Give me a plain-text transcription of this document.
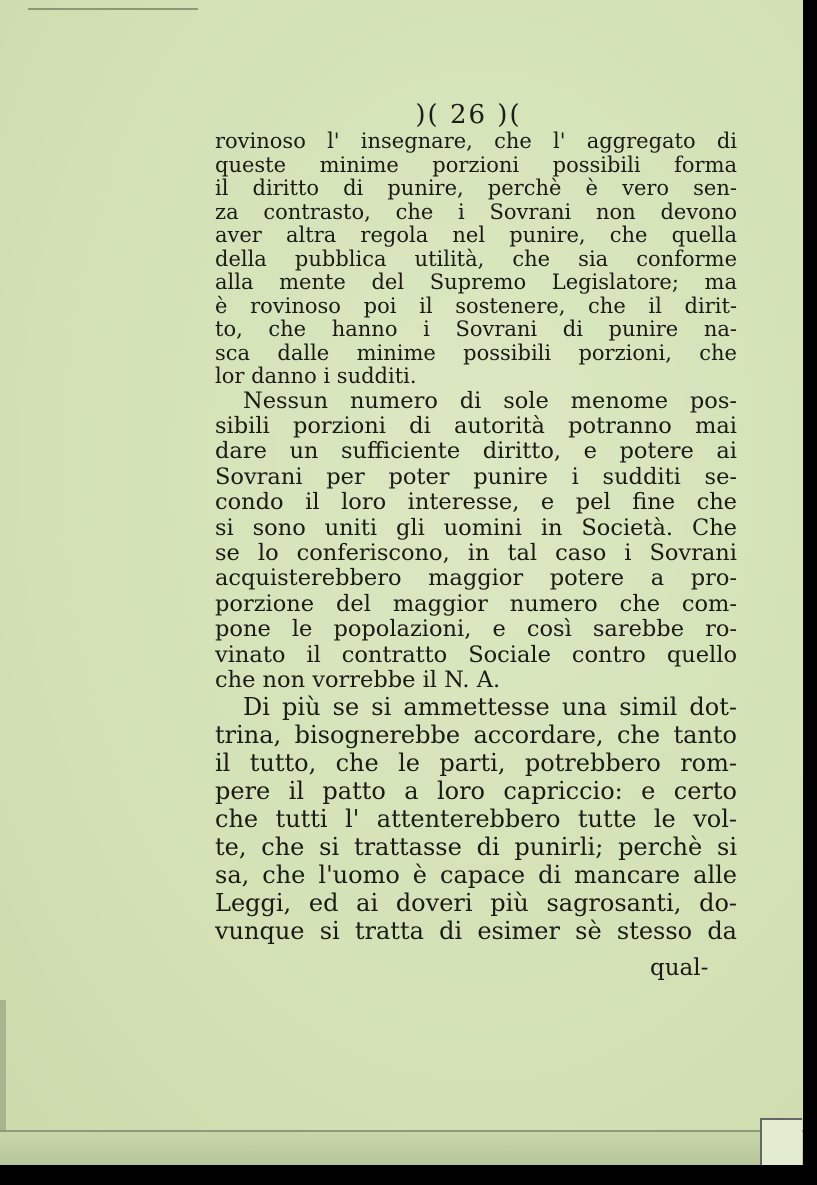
)( 26 )(
rovinoso l' insegnare, che l' aggregato di
queste minime porzioni possibili forma
il diritto di punire, perchè è vero sen-
za contrasto, che i Sovrani non devono
aver altra regola nel punire, che quella
della pubblica utilità, che sia conforme
alla mente del Supremo Legislatore; ma
è rovinoso poi il sostenere, che il dirit-
to, che hanno i Sovrani di punire na-
sca dalle minime possibili porzioni, che
lor danno i sudditi.
Nessun numero di sole menome pos-
sibili porzioni di autorità potranno mai
dare un sufficiente diritto, e potere ai
Sovrani per poter punire i sudditi se-
condo il loro interesse, e pel fine che
si sono uniti gli uomini in Società. Che
se lo conferiscono, in tal caso i Sovrani
acquisterebbero maggior potere a pro-
porzione del maggior numero che com-
pone le popolazioni, e così sarebbe ro-
vinato il contratto Sociale contro quello
che non vorrebbe il N. A.
Di più se si ammettesse una simil dot-
trina, bisognerebbe accordare, che tanto
il tutto, che le parti, potrebbero rom-
pere il patto a loro capriccio: e certo
che tutti l' attenterebbero tutte le vol-
te, che si trattasse di punirli; perchè si
sa, che l'uomo è capace di mancare alle
Leggi, ed ai doveri più sagrosanti, do-
vunque si tratta di esimer sè stesso da
qual-
